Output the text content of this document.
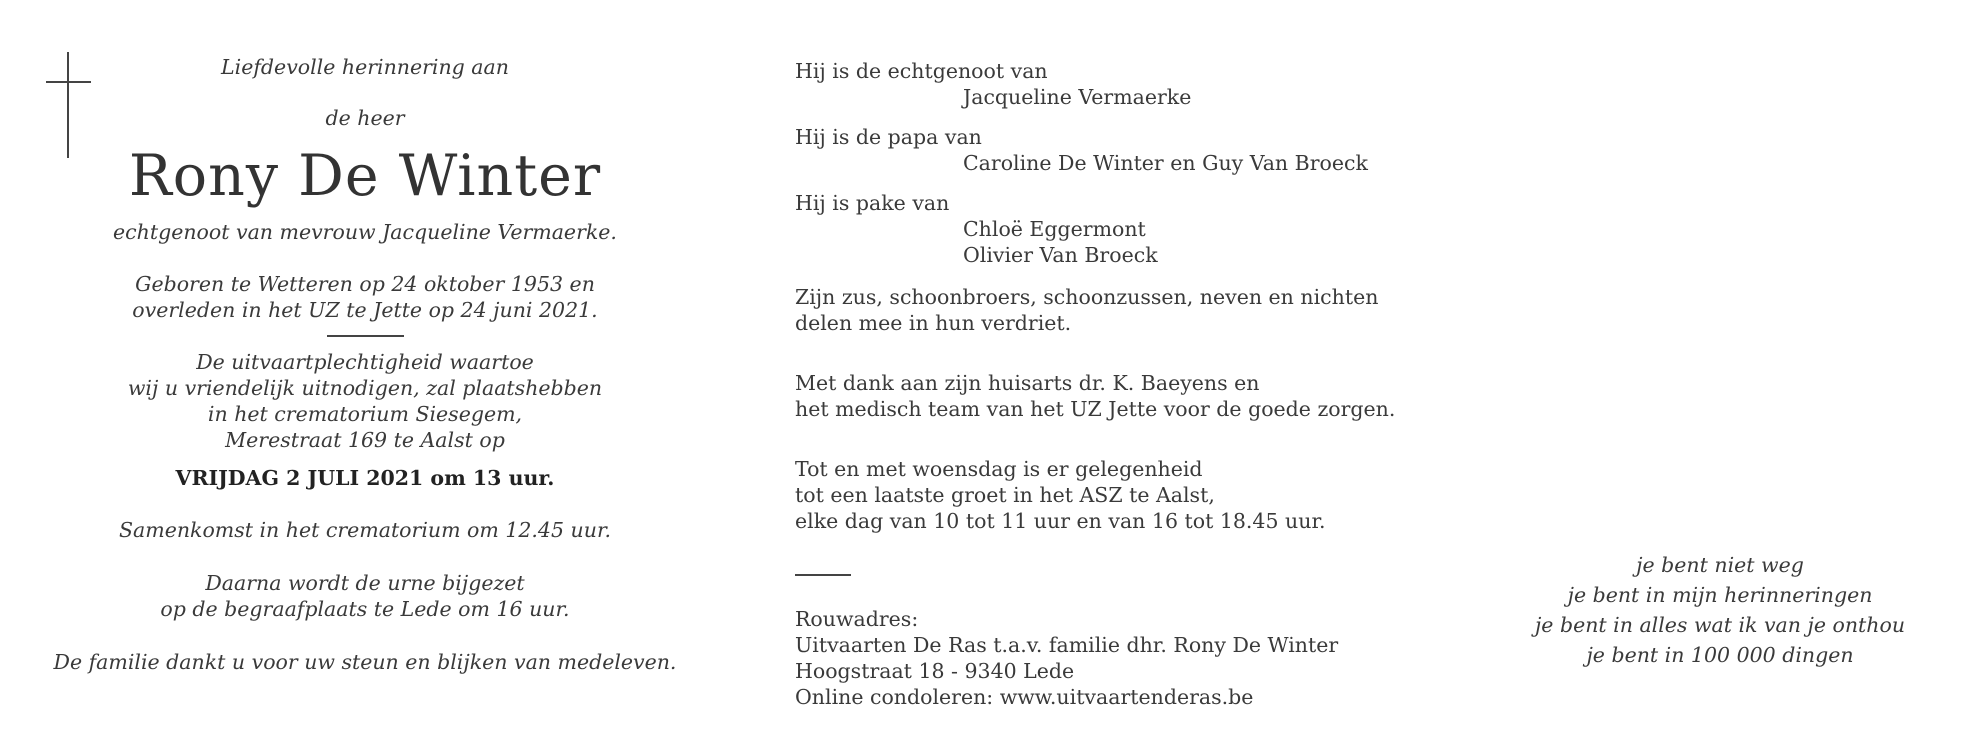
Liefdevolle herinnering aan
de heer
Rony De Winter
echtgenoot van mevrouw Jacqueline Vermaerke.
Geboren te Wetteren op 24 oktober 1953 en
overleden in het UZ te Jette op 24 juni 2021.
De uitvaartplechtigheid waartoe
wij u vriendelijk uitnodigen, zal plaatshebben
in het crematorium Siesegem,
Merestraat 169 te Aalst op
VRIJDAG 2 JULI 2021 om 13 uur.
Samenkomst in het crematorium om 12.45 uur.
Daarna wordt de urne bijgezet
op de begraafplaats te Lede om 16 uur.
De familie dankt u voor uw steun en blijken van medeleven.
Hij is de echtgenoot van
Jacqueline Vermaerke
Hij is de papa van
Caroline De Winter en Guy Van Broeck
Hij is pake van
Chloë Eggermont
Olivier Van Broeck
Zijn zus, schoonbroers, schoonzussen, neven en nichten
delen mee in hun verdriet.
Met dank aan zijn huisarts dr. K. Baeyens en
het medisch team van het UZ Jette voor de goede zorgen.
Tot en met woensdag is er gelegenheid
tot een laatste groet in het ASZ te Aalst,
elke dag van 10 tot 11 uur en van 16 tot 18.45 uur.
Rouwadres:
Uitvaarten De Ras t.a.v. familie dhr. Rony De Winter
Hoogstraat 18 - 9340 Lede
Online condoleren: www.uitvaartenderas.be
je bent niet weg
je bent in mijn herinneringen
je bent in alles wat ik van je onthou
je bent in 100 000 dingen
